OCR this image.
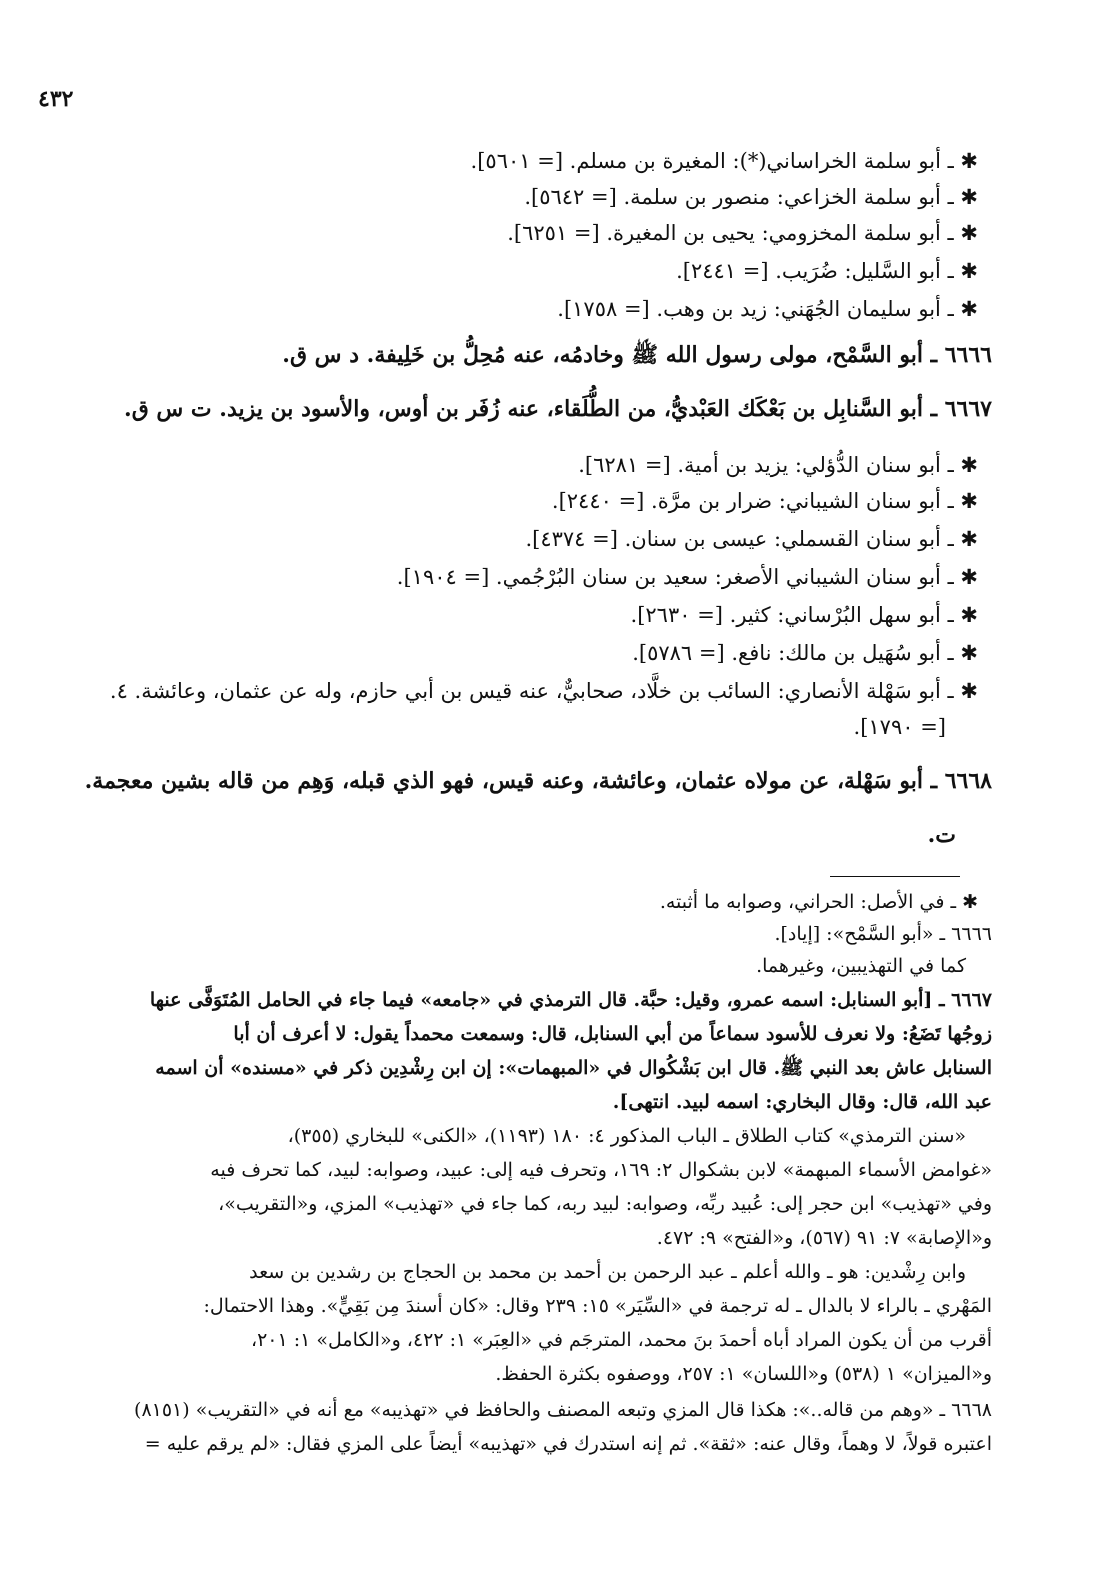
٤٣٢
✱ ـ أبو سلمة الخراساني(*): المغيرة بن مسلم. [= ٥٦٠١].
✱ ـ أبو سلمة الخزاعي: منصور بن سلمة. [= ٥٦٤٢].
✱ ـ أبو سلمة المخزومي: يحيى بن المغيرة. [= ٦٢٥١].
✱ ـ أبو السَّليل: ضُرَيب. [= ٢٤٤١].
✱ ـ أبو سليمان الجُهَني: زيد بن وهب. [= ١٧٥٨].
٦٦٦٦ ـ أبو السَّمْح، مولى رسول الله ﷺ وخادمُه، عنه مُحِلُّ بن خَلِيفة. د س ق.
٦٦٦٧ ـ أبو السَّنابِل بن بَعْكَك العَبْديُّ، من الطُّلَقاء، عنه زُفَر بن أوس، والأسود بن يزيد. ت س ق.
✱ ـ أبو سنان الدُّؤلي: يزيد بن أمية. [= ٦٢٨١].
✱ ـ أبو سنان الشيباني: ضرار بن مرَّة. [= ٢٤٤٠].
✱ ـ أبو سنان القسملي: عيسى بن سنان. [= ٤٣٧٤].
✱ ـ أبو سنان الشيباني الأصغر: سعيد بن سنان البُرْجُمي. [= ١٩٠٤].
✱ ـ أبو سهل البُرْساني: كثير. [= ٢٦٣٠].
✱ ـ أبو سُهَيل بن مالك: نافع. [= ٥٧٨٦].
✱ ـ أبو سَهْلة الأنصاري: السائب بن خلَّاد، صحابيٌّ، عنه قيس بن أبي حازم، وله عن عثمان، وعائشة. ٤.
[= ١٧٩٠].
٦٦٦٨ ـ أبو سَهْلة، عن مولاه عثمان، وعائشة، وعنه قيس، فهو الذي قبله، وَهِم من قاله بشين معجمة.
ت.
✱ ـ في الأصل: الحراني، وصوابه ما أثبته.
٦٦٦٦ ـ «أبو السَّمْح»: [إياد].
كما في التهذيبين، وغيرهما.
٦٦٦٧ ـ [أبو السنابل: اسمه عمرو، وقيل: حبَّة. قال الترمذي في «جامعه» فيما جاء في الحامل المُتَوَفَّى عنها
زوجُها تَضَعُ: ولا نعرف للأسود سماعاً من أبي السنابل، قال: وسمعت محمداً يقول: لا أعرف أن أبا
السنابل عاش بعد النبي ﷺ. قال ابن بَشْكُوال في «المبهمات»: إن ابن رِشْدِين ذكر في «مسنده» أن اسمه
عبد الله، قال: وقال البخاري: اسمه لبيد. انتهى].
«سنن الترمذي» كتاب الطلاق ـ الباب المذكور ٤: ١٨٠ (١١٩٣)، «الكنى» للبخاري (٣٥٥)،
«غوامض الأسماء المبهمة» لابن بشكوال ٢: ١٦٩، وتحرف فيه إلى: عبيد، وصوابه: لبيد، كما تحرف فيه
وفي «تهذيب» ابن حجر إلى: عُبيد ربِّه، وصوابه: لبيد ربه، كما جاء في «تهذيب» المزي، و«التقريب»،
و«الإصابة» ٧: ٩١ (٥٦٧)، و«الفتح» ٩: ٤٧٢.
وابن رِشْدين: هو ـ والله أعلم ـ عبد الرحمن بن أحمد بن محمد بن الحجاج بن رشدين بن سعد
المَهْري ـ بالراء لا بالدال ـ له ترجمة في «السِّيَر» ١٥: ٢٣٩ وقال: «كان أسندَ مِن بَقِيٍّ». وهذا الاحتمال:
أقرب من أن يكون المراد أباه أحمدَ بنَ محمد، المترجَم في «العِبَر» ١: ٤٢٢، و«الكامل» ١: ٢٠١،
و«الميزان» ١ (٥٣٨) و«اللسان» ١: ٢٥٧، ووصفوه بكثرة الحفظ.
٦٦٦٨ ـ «وهم من قاله..»: هكذا قال المزي وتبعه المصنف والحافظ في «تهذيبه» مع أنه في «التقريب» (٨١٥١)
اعتبره قولاً، لا وهماً، وقال عنه: «ثقة». ثم إنه استدرك في «تهذيبه» أيضاً على المزي فقال: «لم يرقم عليه =
